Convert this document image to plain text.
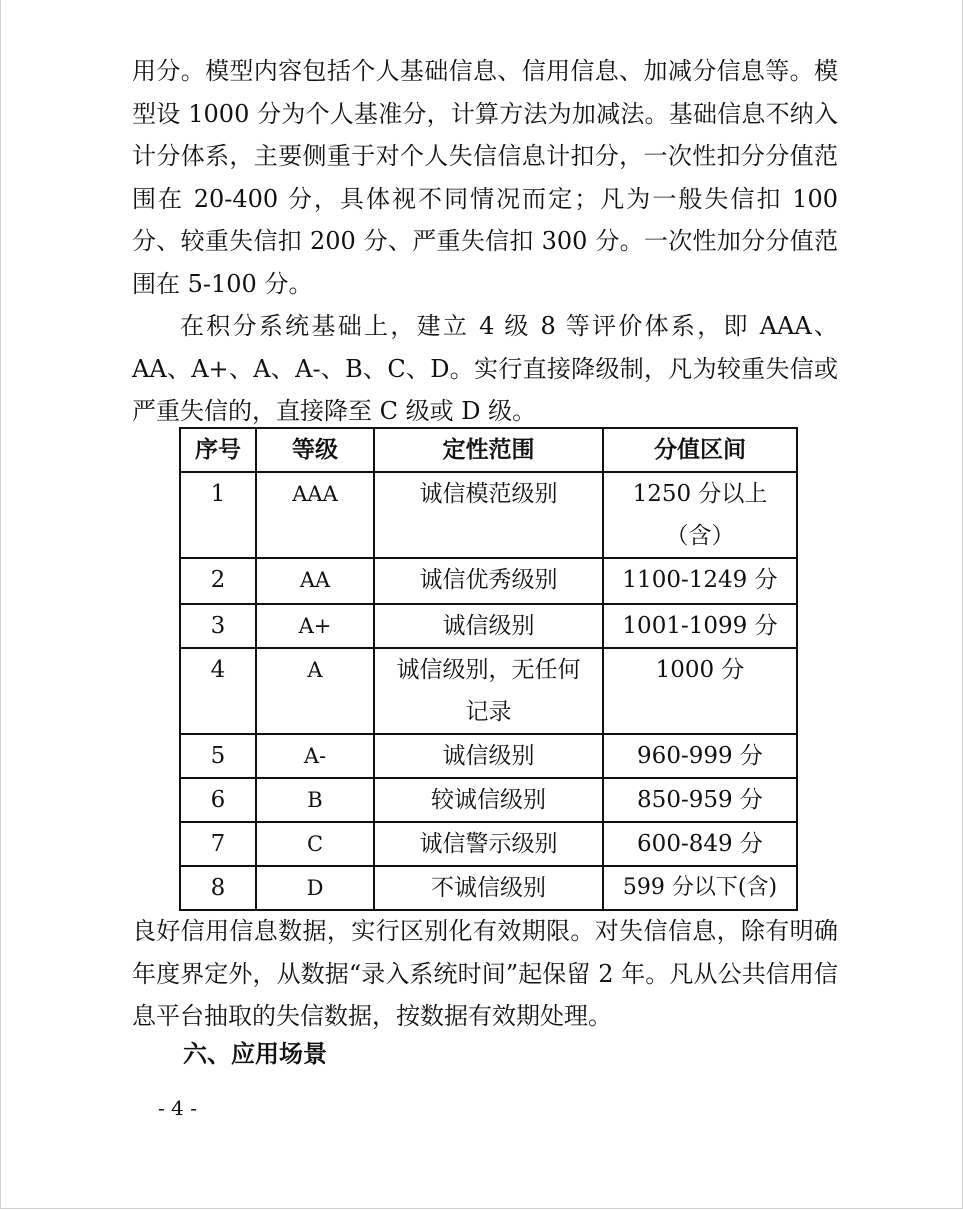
用分。模型内容包括个人基础信息、信用信息、加减分信息等。模型设 1000 分为个人基准分，计算方法为加减法。基础信息不纳入计分体系，主要侧重于对个人失信信息计扣分，一次性扣分分值范围在 20-400 分，具体视不同情况而定；凡为一般失信扣 100 分、较重失信扣 200 分、严重失信扣 300 分。一次性加分分值范围在 5-100 分。

在积分系统基础上，建立 4 级 8 等评价体系，即 AAA、AA、A+、A、A-、B、C、D。实行直接降级制，凡为较重失信或严重失信的，直接降至 C 级或 D 级。

序号	等级	定性范围	分值区间
1	AAA	诚信模范级别	1250 分以上（含）
2	AA	诚信优秀级别	1100-1249 分
3	A+	诚信级别	1001-1099 分
4	A	诚信级别，无任何记录	1000 分
5	A-	诚信级别	960-999 分
6	B	较诚信级别	850-959 分
7	C	诚信警示级别	600-849 分
8	D	不诚信级别	599 分以下(含)

良好信用信息数据，实行区别化有效期限。对失信信息，除有明确年度界定外，从数据“录入系统时间”起保留 2 年。凡从公共信用信息平台抽取的失信数据，按数据有效期处理。

六、应用场景

- 4 -
